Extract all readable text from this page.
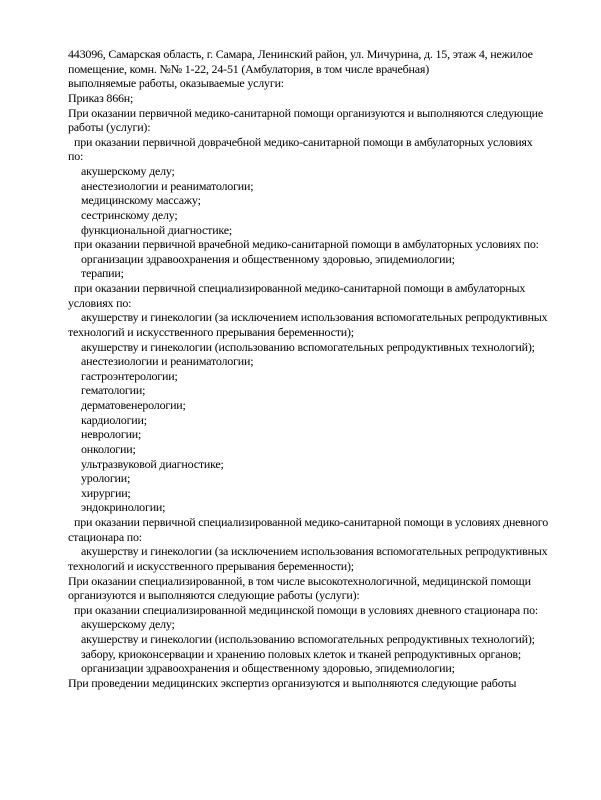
443096, Самарская область, г. Самара, Ленинский район, ул. Мичурина, д. 15, этаж 4, нежилое
помещение, комн. №№ 1-22, 24-51 (Амбулатория, в том числе врачебная)
выполняемые работы, оказываемые услуги:
Приказ 866н;
При оказании первичной медико-санитарной помощи организуются и выполняются следующие
работы (услуги):
при оказании первичной доврачебной медико-санитарной помощи в амбулаторных условиях
по:
акушерскому делу;
анестезиологии и реаниматологии;
медицинскому массажу;
сестринскому делу;
функциональной диагностике;
при оказании первичной врачебной медико-санитарной помощи в амбулаторных условиях по:
организации здравоохранения и общественному здоровью, эпидемиологии;
терапии;
при оказании первичной специализированной медико-санитарной помощи в амбулаторных
условиях по:
акушерству и гинекологии (за исключением использования вспомогательных репродуктивных
технологий и искусственного прерывания беременности);
акушерству и гинекологии (использованию вспомогательных репродуктивных технологий);
анестезиологии и реаниматологии;
гастроэнтерологии;
гематологии;
дерматовенерологии;
кардиологии;
неврологии;
онкологии;
ультразвуковой диагностике;
урологии;
хирургии;
эндокринологии;
при оказании первичной специализированной медико-санитарной помощи в условиях дневного
стационара по:
акушерству и гинекологии (за исключением использования вспомогательных репродуктивных
технологий и искусственного прерывания беременности);
При оказании специализированной, в том числе высокотехнологичной, медицинской помощи
организуются и выполняются следующие работы (услуги):
при оказании специализированной медицинской помощи в условиях дневного стационара по:
акушерскому делу;
акушерству и гинекологии (использованию вспомогательных репродуктивных технологий);
забору, криоконсервации и хранению половых клеток и тканей репродуктивных органов;
организации здравоохранения и общественному здоровью, эпидемиологии;
При проведении медицинских экспертиз организуются и выполняются следующие работы
